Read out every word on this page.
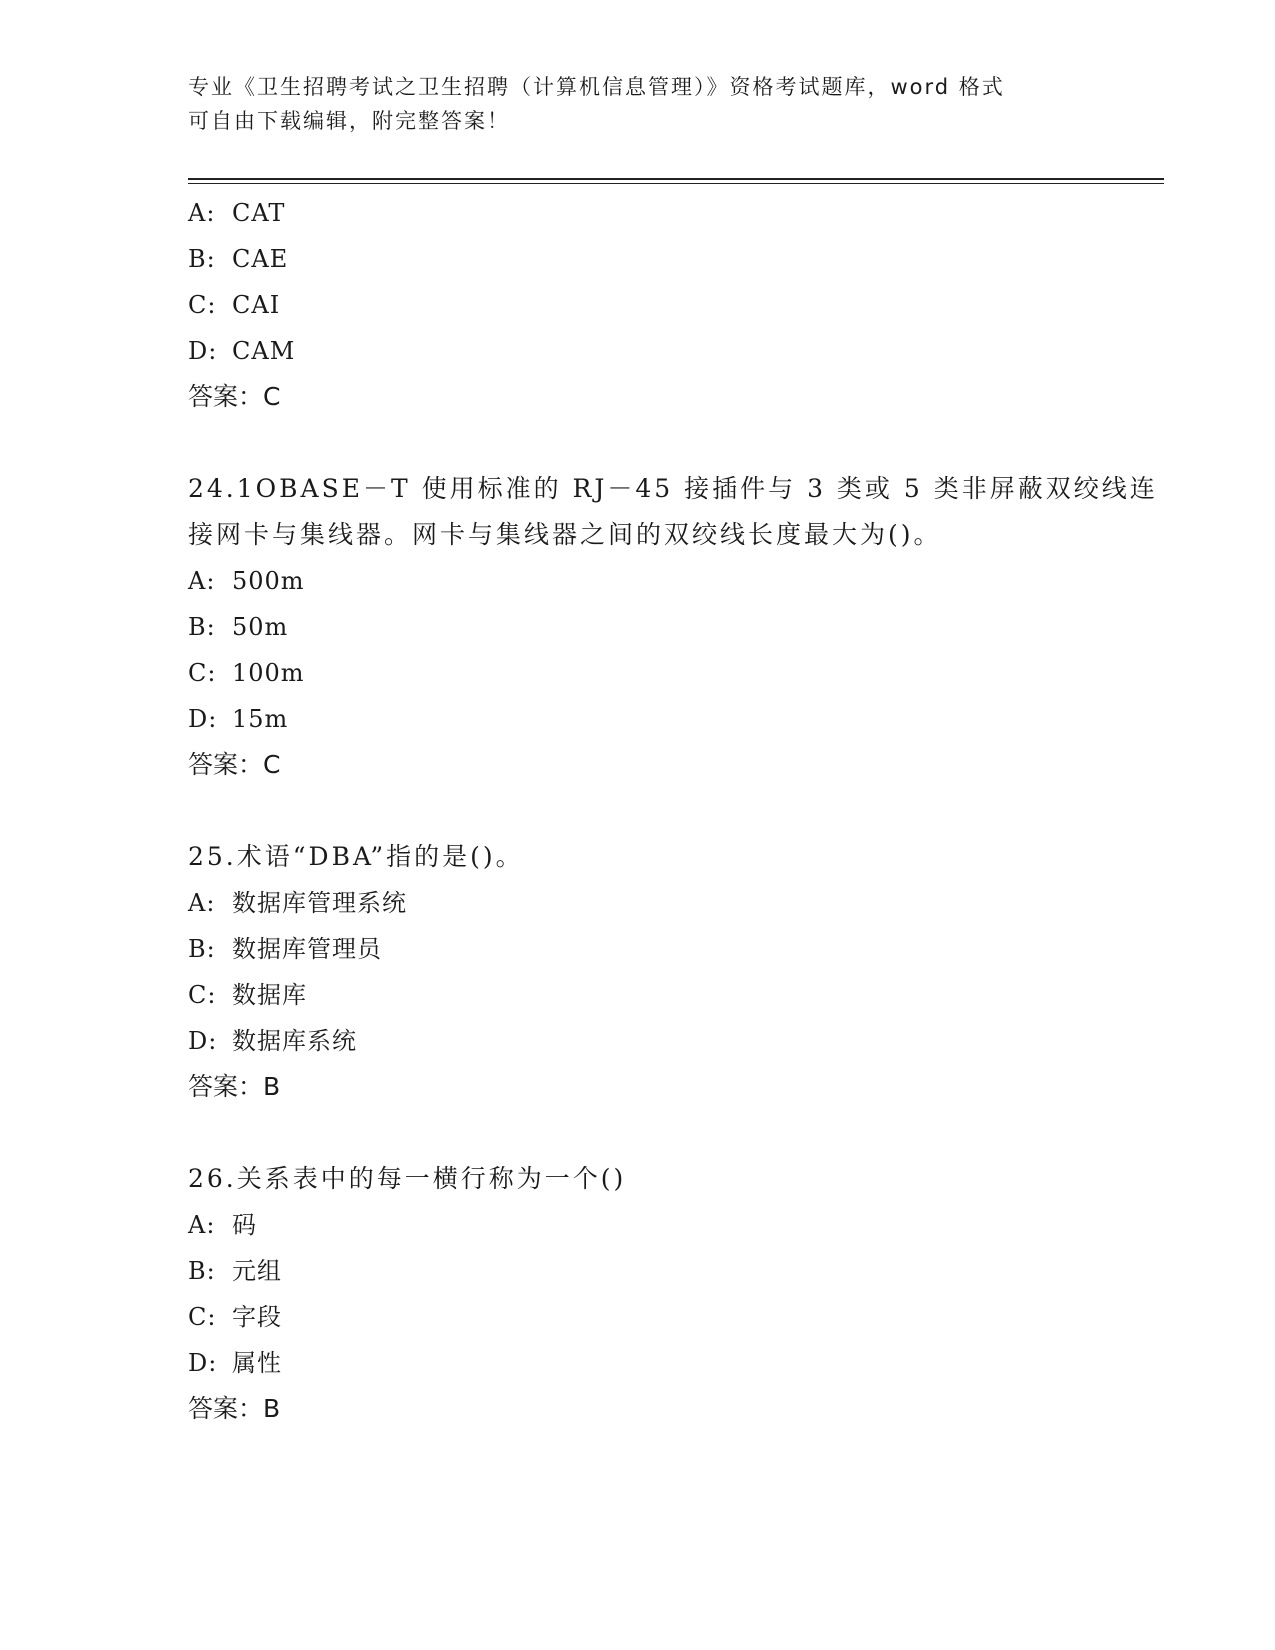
专业《卫生招聘考试之卫生招聘（计算机信息管理）》资格考试题库，word 格式
可自由下载编辑，附完整答案！
A: CAT
B: CAE
C: CAI
D: CAM
答案：C
24.1OBASE－T 使用标准的 RJ－45 接插件与 3 类或 5 类非屏蔽双绞线连
接网卡与集线器。网卡与集线器之间的双绞线长度最大为()。
A: 500m
B: 50m
C: 100m
D: 15m
答案：C
25.术语“DBA”指的是()。
A: 数据库管理系统
B: 数据库管理员
C: 数据库
D: 数据库系统
答案：B
26.关系表中的每一横行称为一个()
A: 码
B: 元组
C: 字段
D: 属性
答案：B
